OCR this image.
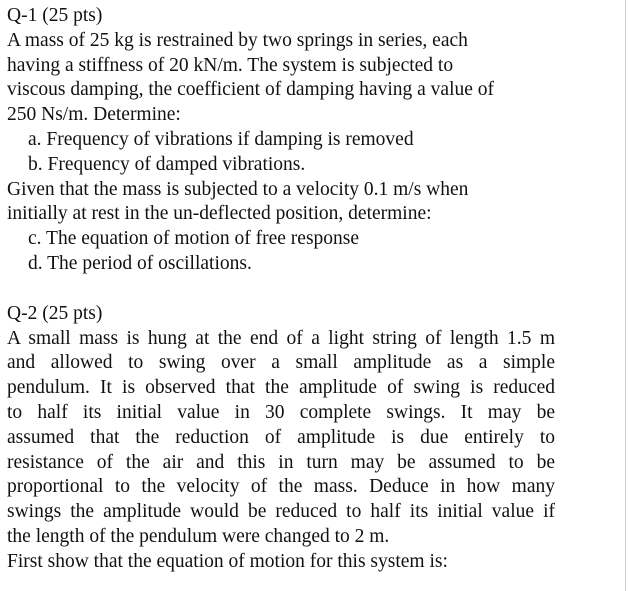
Q-1 (25 pts)
A mass of 25 kg is restrained by two springs in series, each
having a stiffness of 20 kN/m. The system is subjected to
viscous damping, the coefficient of damping having a value of
250 Ns/m. Determine:
a. Frequency of vibrations if damping is removed
b. Frequency of damped vibrations.
Given that the mass is subjected to a velocity 0.1 m/s when
initially at rest in the un-deflected position, determine:
c. The equation of motion of free response
d. The period of oscillations.
Q-2 (25 pts)
A small mass is hung at the end of a light string of length 1.5 m
and allowed to swing over a small amplitude as a simple
pendulum. It is observed that the amplitude of swing is reduced
to half its initial value in 30 complete swings. It may be
assumed that the reduction of amplitude is due entirely to
resistance of the air and this in turn may be assumed to be
proportional to the velocity of the mass. Deduce in how many
swings the amplitude would be reduced to half its initial value if
the length of the pendulum were changed to 2 m.
First show that the equation of motion for this system is:
